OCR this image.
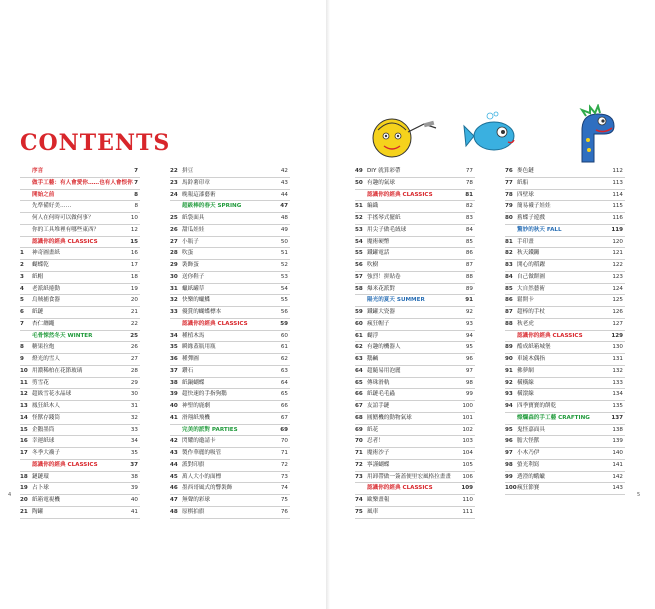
CONTENTS
序言	7
做手工藝：有人會愛你……也有人會恨你 7
開始之前	8
先準備好美……	8
何人在何時可以做何事？	10
你的工具堆裡有哪些東西？	12
認識你的經典 CLASSICS	15
1 神奇圖畫紙	16
2 蝴蝶乾	17
3 紙帽	18
4 老派紙捲動	19
5 烏賊捕食器	20
6 紙鏈	21
7 杏仁纏繩	22
毛骨悚然冬天 WINTER	25
8 糖果拉炮	26
9 燈光的雪人	27
10 用濃稀柏在花節玻璃	28
11 剪雪花	29
12 超級雪花水晶球	30
13 鳳狂紙木人	31
14 怪獸存錢筒	32
15 企鵝墨筒	33
16 幸運紙球	34
17 冬季大襪子	35
認識你的經典 CLASSICS	37
18 鏈鏈環	38
19 占卜球	39
20 紙箱電視機	40
21 陶罐	41
22 拼豆	42
23 馬鈴薯印章	43
24 晚報這漆藝術	44
超級棒的春天 SPRING	47
25 紙袋面具	48
26 甜瓜娃娃	49
27 小瓶子	50
28 吹蛋	51
29 裝飾蛋	52
30 送你鞋子	53
31 蠟紙罐草	54
32 快樂的蠟鰈	55
33 優賞的蝴蝶標本	56
認識你的經典 CLASSICS	59
34 種植木馬	60
35 瞬緣蓋瓶用瓶	61
36 種彈圖	62
37 鑽石	63
38 紙鍋蝴蝶	64
39 超快速的手指狗鵝	65
40 神聖的鹿劇	66
41 滑翔紙飛機	67
完美的派對 PARTIES	69
42 閃耀的邀請卡	70
43 製作華麗的吸管	71
44 派對印旗	72
45 萬人大小的面標	73
46 墨西哥風式的響裝飾	74
47 無聲的彩球	75
48 原棋拍旗	76
49 DIY 就算彩帶	77
50 有趣的氣球	78
認識你的經典 CLASSICS	81
51 編織	82
52 手搖琴式擺紙	83
53 用尖子做毛絨球	84
54 魔術硬幣	85
55 鐵罐電話	86
56 吹樹	87
57 強烈！拼貼卷	88
58 爆米花派對	89
陽光的夏天 SUMMER	91
59 鐵罐大瓷器	92
60 瘋狂帽子	93
61 蝴浮	94
62 有趣的機器人	95
63 鵝鹹	96
64 超隨易用泡麗	97
65 傳珠滑軌	98
66 紙鏈毛毛蟲	99
67 友誼手鏈	100
68 圓鰭機的動物氣球	101
69 紙花	102
70 忍者！	103
71 魔術沙子	104
72 寧謹蝴蝶	105
73 用卸帶做一簽蓋便里宏風格拉畫畫 106
認識你的經典 CLASSICS	109
74 歐樂畫報	110
75 風車	111
76 麥色鏈	112
77 紙船	113
78 四壁球	114
79 簡易襪子娃娃	115
80 舊蝶子遊戲	116
驚妙的秋天 FALL	119
81 手印畫	120
82 秋天鐵鑼	121
83 開心的稻躍	122
84 自己做餅圖	123
85 大自然藝術	124
86 鬆開卡	125
87 超棒的手杖	126
88 秋老虎	127
認識你的經典 CLASSICS	129
89 酷成紙箱城堡	130
90 車繞木偶指	131
91 佛夢網	132
92 橫橫線	133
93 橫滾線	134
94 四季寶寶的餅乾	135
燦爛森的手工藝 CRAFTING	137
95 鬼怪嘉面具	138
96 膽大怪獸	139
97 小木乃伊	140
98 螢光利寫	141
99 透澄的蛾蠟	142
100瘋狂節賽	143
4	5
